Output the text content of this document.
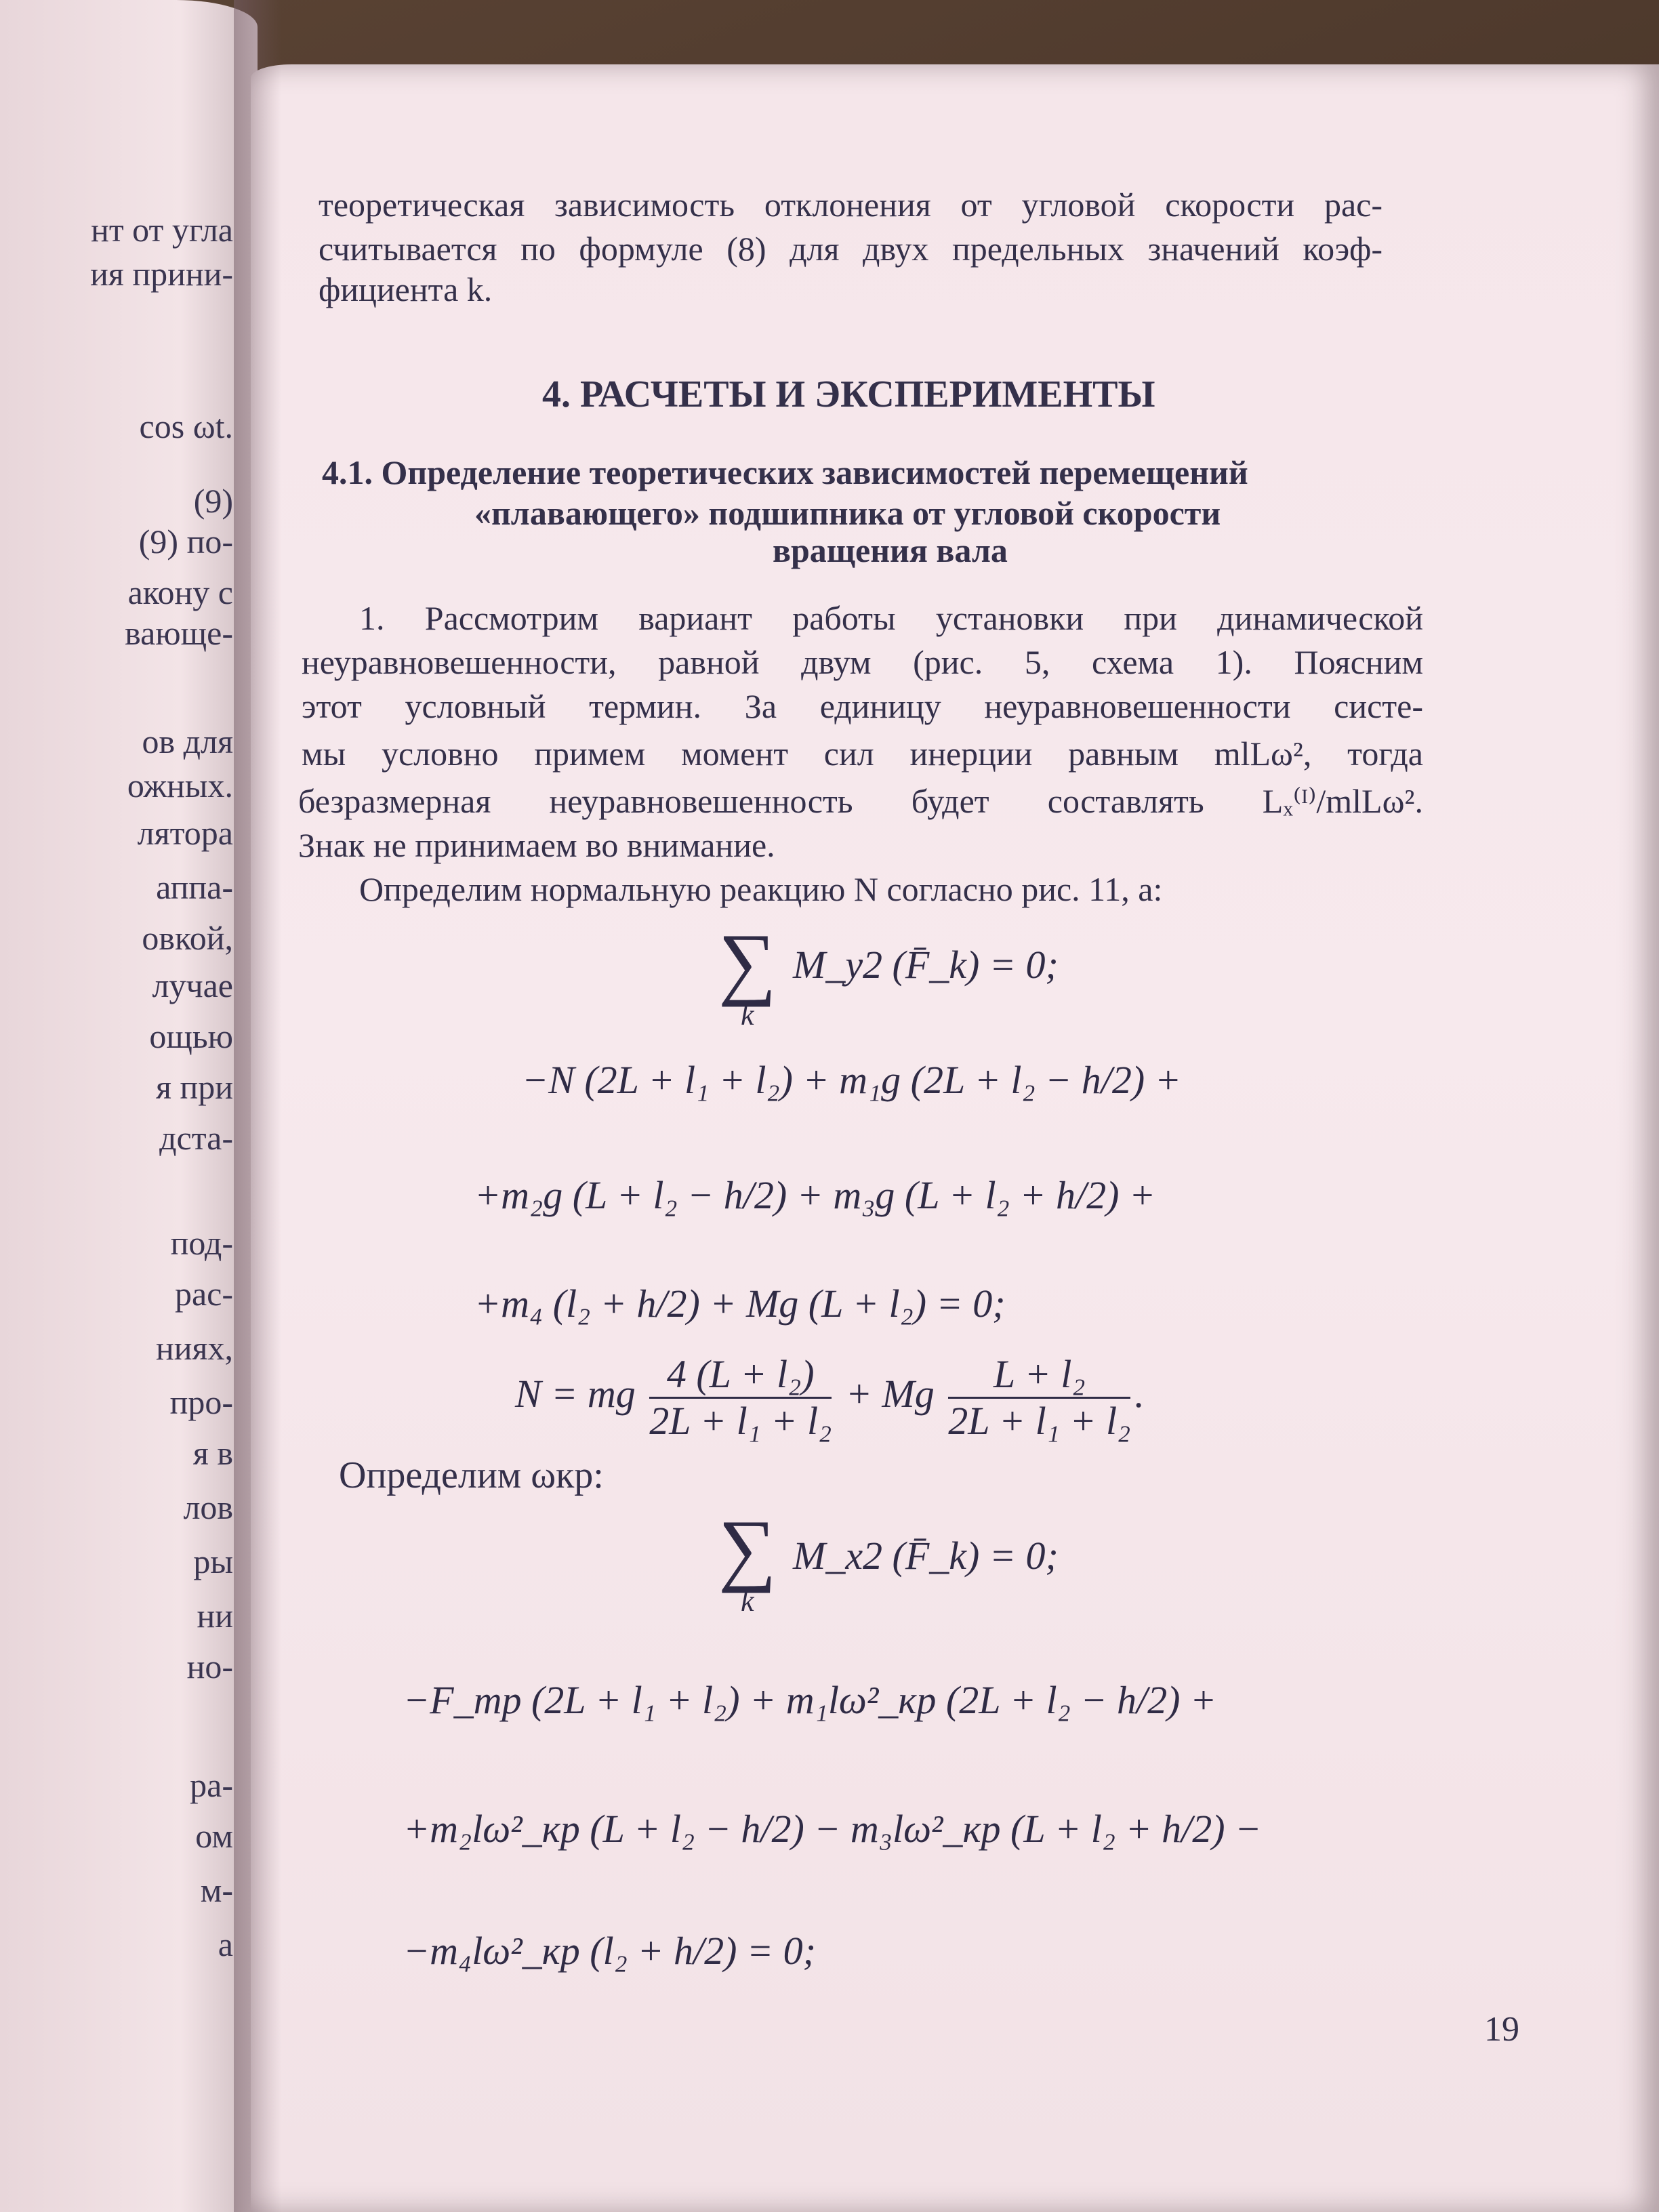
нт от угла
ия прини-
cos ωt.
(9)
(9) по-
акону с
вающе-
ов для
ожных.
лятора
аппа-
овкой,
лучае
ощью
я при
дста-
под-
рас-
ниях,
про-
я в
лов
ры
ни
но-
ра-
ом
м-
а
теоретическая зависимость отклонения от угловой скорости рас-
считывается по формуле (8) для двух предельных значений коэф-
фициента k.
4. РАСЧЕТЫ И ЭКСПЕРИМЕНТЫ
4.1. Определение теоретических зависимостей перемещений
«плавающего» подшипника от угловой скорости
вращения вала
1. Рассмотрим вариант работы установки при динамической
неуравновешенности, равной двум (рис. 5, схема 1). Поясним
этот условный термин. За единицу неуравновешенности систе-
мы условно примем момент сил инерции равным mlLω², тогда
безразмерная неуравновешенность будет составлять Lₓ⁽ᴵ⁾/mlLω².
Знак не принимаем во внимание.
Определим нормальную реакцию N согласно рис. 11, a:
∑
k
M_y2 (F̄_k) = 0;
−N (2L + l₁ + l₂) + m₁g (2L + l₂ − h/2) +
+m₂g (L + l₂ − h/2) + m₃g (L + l₂ + h/2) +
+m₄ (l₂ + h/2) + Mg (L + l₂) = 0;
N = mg $\frac{\text{4 (L + l₂)}}{\text{2L + l₁ + l₂}} + Mg \frac{\text{L + l₂}}{\text{2L + l₁ + l₂}}$ .
Определим ωкр:
∑
k
M_x2 (F̄_k) = 0;
−F_тр (2L + l₁ + l₂) + m₁lω²_кр (2L + l₂ − h/2) +
+m₂lω²_кр (L + l₂ − h/2) − m₃lω²_кр (L + l₂ + h/2) −
−m₄lω²_кр (l₂ + h/2) = 0;
19
